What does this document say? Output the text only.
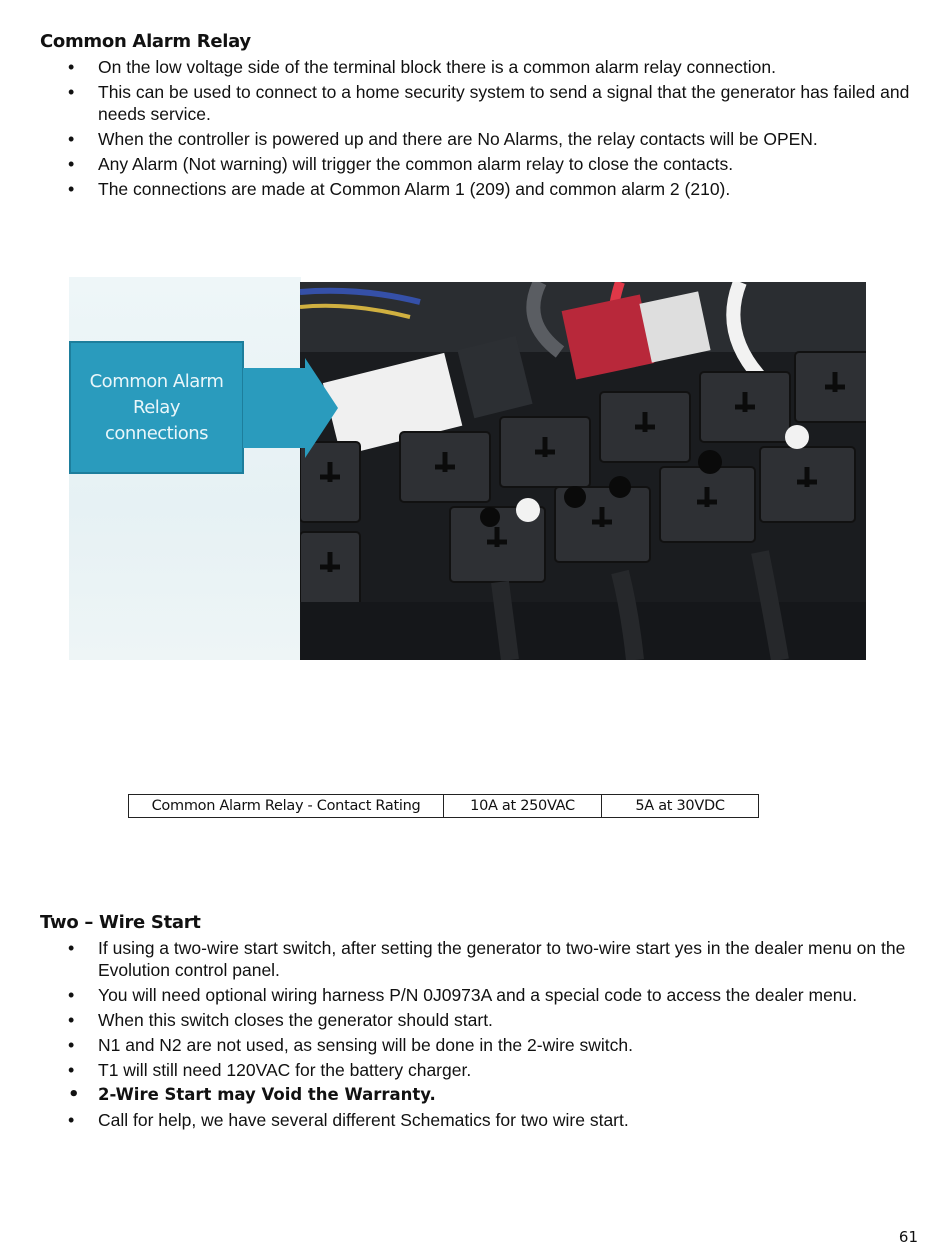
Common Alarm Relay
• On the low voltage side of the terminal block there is a common alarm relay connection.
• This can be used to connect to a home security system to send a signal that the generator has failed and needs service.
• When the controller is powered up and there are No Alarms, the relay contacts will be OPEN.
• Any Alarm (Not warning) will trigger the common alarm relay to close the contacts.
• The connections are made at Common Alarm 1 (209) and common alarm 2 (210).
Common Alarm Relay connections
Common Alarm Relay - Contact Rating	10A at 250VAC	5A at 30VDC
Two – Wire Start
• If using a two-wire start switch, after setting the generator to two-wire start yes in the dealer menu on the Evolution control panel.
• You will need optional wiring harness P/N 0J0973A and a special code to access the dealer menu.
• When this switch closes the generator should start.
• N1 and N2 are not used, as sensing will be done in the 2-wire switch.
• T1 will still need 120VAC for the battery charger.
• 2-Wire Start may Void the Warranty.
• Call for help, we have several different Schematics for two wire start.
61
